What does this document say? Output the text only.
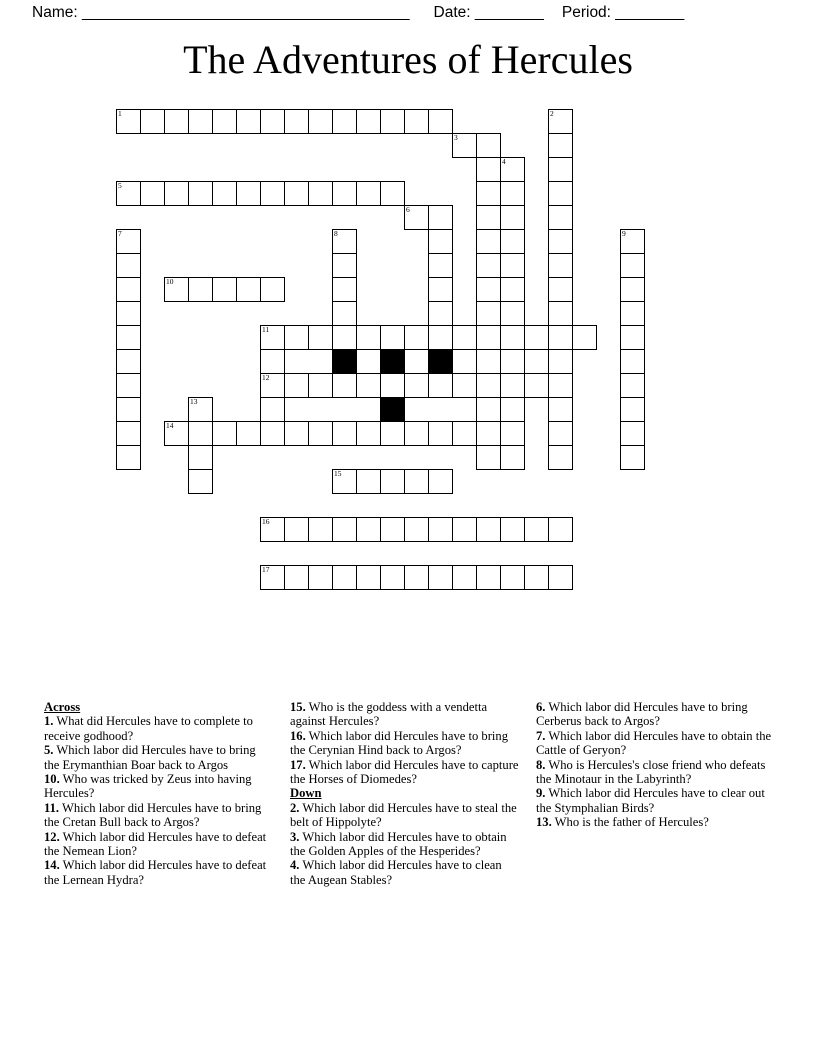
Name: ______________________________________ Date: ________ Period: ________
The Adventures of Hercules
1	2
3
4
5
6
7	8	9
10
11
12
13
14
15
16
17
Across

1. What did Hercules have to complete to receive godhood?

5. Which labor did Hercules have to bring the Erymanthian Boar back to Argos

10. Who was tricked by Zeus into having Hercules?

11. Which labor did Hercules have to bring the Cretan Bull back to Argos?

12. Which labor did Hercules have to defeat the Nemean Lion?

14. Which labor did Hercules have to defeat the Lernean Hydra?

15. Who is the goddess with a vendetta against Hercules?

16. Which labor did Hercules have to bring the Cerynian Hind back to Argos?

17. Which labor did Hercules have to capture the Horses of Diomedes?

Down

2. Which labor did Hercules have to steal the belt of Hippolyte?

3. Which labor did Hercules have to obtain the Golden Apples of the Hesperides?

4. Which labor did Hercules have to clean the Augean Stables?

6. Which labor did Hercules have to bring Cerberus back to Argos?

7. Which labor did Hercules have to obtain the Cattle of Geryon?

8. Who is Hercules's close friend who defeats the Minotaur in the Labyrinth?

9. Which labor did Hercules have to clear out the Stymphalian Birds?

13. Who is the father of Hercules?
